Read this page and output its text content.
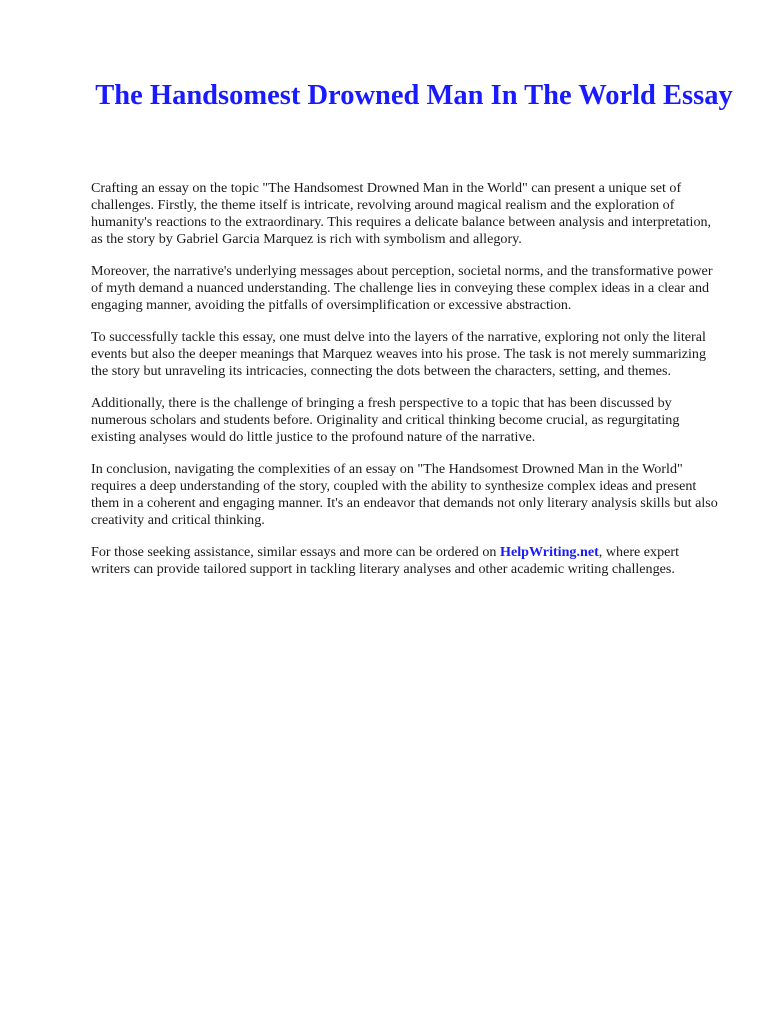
The Handsomest Drowned Man In The World Essay

Crafting an essay on the topic "The Handsomest Drowned Man in the World" can present a unique set of challenges. Firstly, the theme itself is intricate, revolving around magical realism and the exploration of humanity's reactions to the extraordinary. This requires a delicate balance between analysis and interpretation, as the story by Gabriel Garcia Marquez is rich with symbolism and allegory.

Moreover, the narrative's underlying messages about perception, societal norms, and the transformative power of myth demand a nuanced understanding. The challenge lies in conveying these complex ideas in a clear and engaging manner, avoiding the pitfalls of oversimplification or excessive abstraction.

To successfully tackle this essay, one must delve into the layers of the narrative, exploring not only the literal events but also the deeper meanings that Marquez weaves into his prose. The task is not merely summarizing the story but unraveling its intricacies, connecting the dots between the characters, setting, and themes.

Additionally, there is the challenge of bringing a fresh perspective to a topic that has been discussed by numerous scholars and students before. Originality and critical thinking become crucial, as regurgitating existing analyses would do little justice to the profound nature of the narrative.

In conclusion, navigating the complexities of an essay on "The Handsomest Drowned Man in the World" requires a deep understanding of the story, coupled with the ability to synthesize complex ideas and present them in a coherent and engaging manner. It's an endeavor that demands not only literary analysis skills but also creativity and critical thinking.

For those seeking assistance, similar essays and more can be ordered on HelpWriting.net, where expert writers can provide tailored support in tackling literary analyses and other academic writing challenges.
